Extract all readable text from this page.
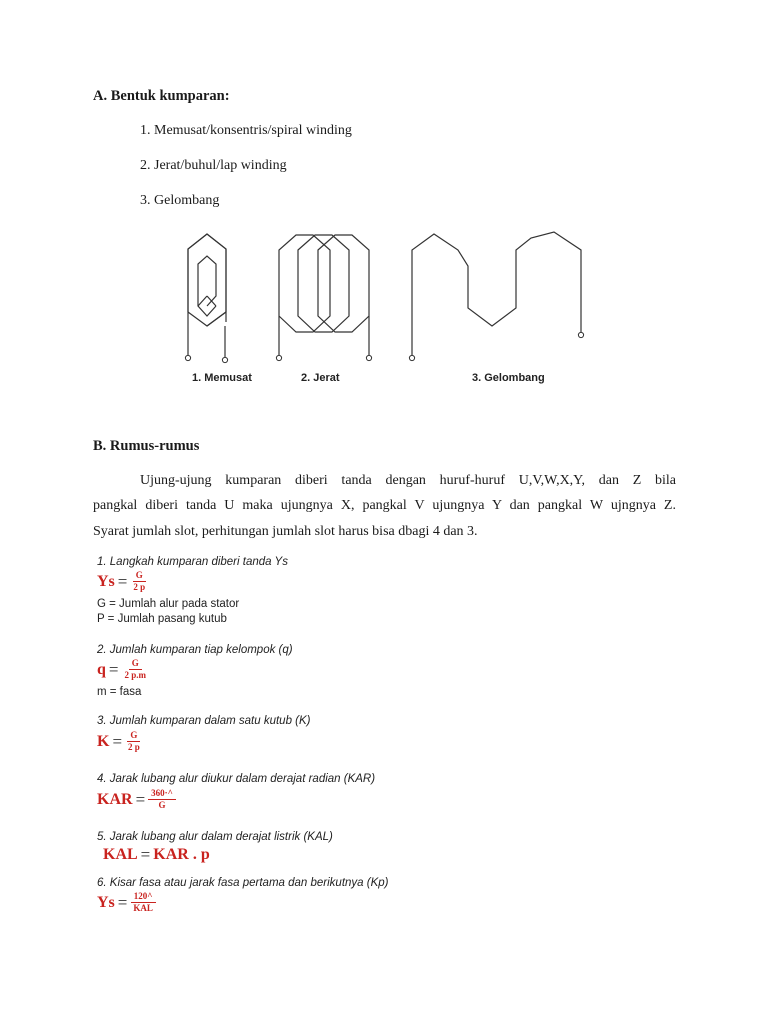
A. Bentuk kumparan:
1. Memusat/konsentris/spiral winding
2. Jerat/buhul/lap winding
3. Gelombang
1. Memusat	2. Jerat	3. Gelombang
B. Rumus-rumus
Ujung-ujung kumparan diberi tanda dengan huruf-huruf U,V,W,X,Y, dan Z bila
pangkal diberi tanda U maka ujungnya X, pangkal V ujungnya Y dan pangkal W ujngnya Z.
Syarat jumlah slot, perhitungan jumlah slot harus bisa dbagi 4 dan 3.
1. Langkah kumparan diberi tanda Ys
$Ys = \frac{G}{2 p}$
G = Jumlah alur pada stator
P = Jumlah pasang kutub
2. Jumlah kumparan tiap kelompok (q)
$q = \frac{G}{2 p.m}$
m = fasa
3. Jumlah kumparan dalam satu kutub (K)
$K = \frac{G}{2 p}$
4. Jarak lubang alur diukur dalam derajat radian (KAR)
KAR = $\frac{360\cdot\^{}}{G}$
5. Jarak lubang alur dalam derajat listrik (KAL)
KAL = KAR . p
6. Kisar fasa atau jarak fasa pertama dan berikutnya (Kp)
$Ys = \frac{120\^{}}{\text{KAL}}$
